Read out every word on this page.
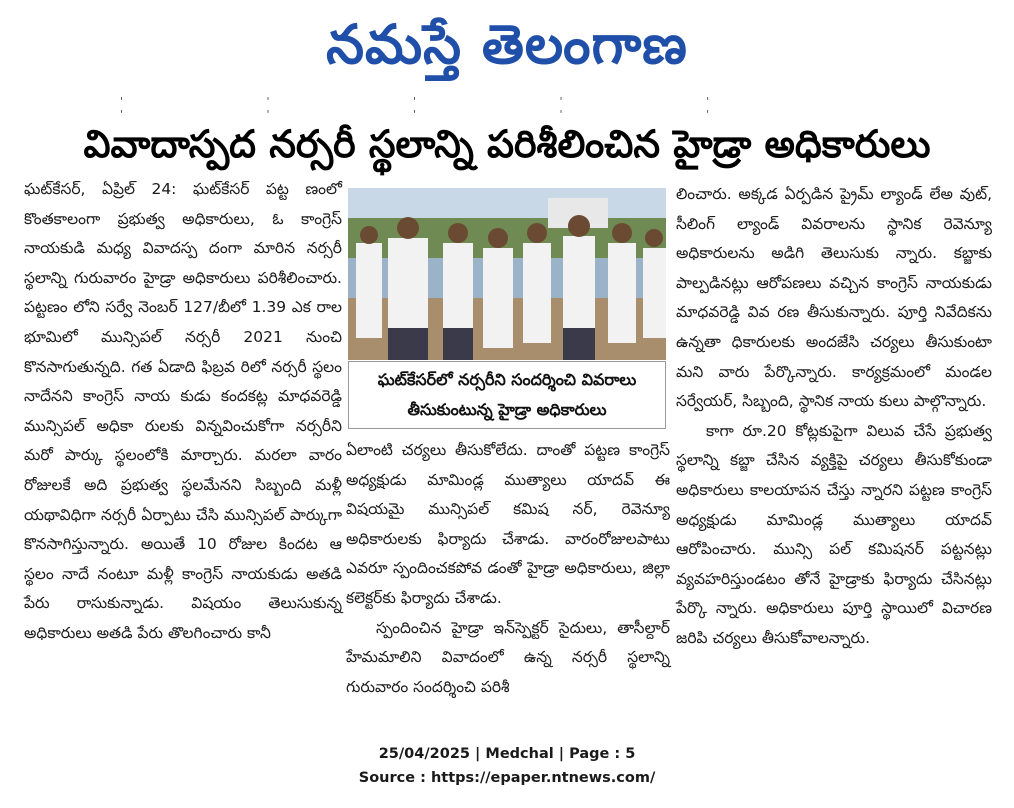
నమస్తే తెలంగాణ
' ' ' ' ' ' ' ' ' '
వివాదాస్పద నర్సరీ స్థలాన్ని పరిశీలించిన హైడ్రా అధికారులు

ఘట్‌కేసర్, ఏప్రిల్ 24: ఘట్‌కేసర్ పట్ట ణంలో కొంతకాలంగా ప్రభుత్వ అధికారులు, ఓ కాంగ్రెస్ నాయకుడి మధ్య వివాదస్ప దంగా మారిన నర్సరీ స్థలాన్ని గురువారం హైడ్రా అధికారులు పరిశీలించారు. పట్టణం లోని సర్వే నెంబర్ 127/బీలో 1.39 ఎక రాల భూమిలో మున్సిపల్ నర్సరీ 2021 నుంచి కొనసాగుతున్నది. గత ఏడాది ఫిబ్రవ రిలో నర్సరీ స్థలం నాదేనని కాంగ్రెస్ నాయ కుడు కందకట్ల మాధవరెడ్డి మున్సిపల్ అధికా రులకు విన్నవించుకోగా నర్సరీని మరో పార్కు స్థలంలోకి మార్చారు. మరలా వారం రోజులకే అది ప్రభుత్వ స్థలమేనని సిబ్బంది మళ్లీ యథావిధిగా నర్సరీ ఏర్పాటు చేసి మున్సిపల్ పార్కుగా కొనసాగిస్తున్నారు. అయితే 10 రోజుల కిందట ఆ స్థలం నాదే నంటూ మళ్లీ కాంగ్రెస్ నాయకుడు అతడి పేరు రాసుకున్నాడు. విషయం తెలుసుకున్న అధికారులు అతడి పేరు తొలగించారు కానీ

ఘట్‌కేసర్‌లో నర్సరీని సందర్శించి వివరాలు తీసుకుంటున్న హైడ్రా అధికారులు

ఏలాంటి చర్యలు తీసుకోలేదు. దాంతో పట్టణ కాంగ్రెస్ అధ్యక్షుడు మామిండ్ల ముత్యాలు యాదవ్ ఈ విషయమై మున్సిపల్ కమిష నర్, రెవెన్యూ అధికారులకు ఫిర్యాదు చేశాడు. వారంరోజులపాటు ఎవరూ స్పందించకపోవ డంతో హైడ్రా అధికారులు, జిల్లా కలెక్టర్‌కు ఫిర్యాదు చేశాడు.

స్పందించిన హైడ్రా ఇన్‌స్పెక్టర్ సైదులు, తాసీల్దార్ హేమమాలిని వివాదంలో ఉన్న నర్సరీ స్థలాన్ని గురువారం సందర్శించి పరిశీ

లించారు. అక్కడ ఏర్పడిన ప్రైమ్ ల్యాండ్ లేఅ వుట్, సీలింగ్ ల్యాండ్ వివరాలను స్థానిక రెవెన్యూ అధికారులను అడిగి తెలుసుకు న్నారు. కబ్జాకు పాల్పడినట్లు ఆరోపణలు వచ్చిన కాంగ్రెస్ నాయకుడు మాధవరెడ్డి వివ రణ తీసుకున్నారు. పూర్తి నివేదికను ఉన్నతా ధికారులకు అందజేసి చర్యలు తీసుకుంటా మని వారు పేర్కొన్నారు. కార్యక్రమంలో మండల సర్వేయర్, సిబ్బంది, స్థానిక నాయ కులు పాల్గొన్నారు.

కాగా రూ.20 కోట్లకుపైగా విలువ చేసే ప్రభుత్వ స్థలాన్ని కబ్జా చేసిన వ్యక్తిపై చర్యలు తీసుకోకుండా అధికారులు కాలయాపన చేస్తు న్నారని పట్టణ కాంగ్రెస్ అధ్యక్షుడు మామిండ్ల ముత్యాలు యాదవ్ ఆరోపించారు. మున్సి పల్ కమిషనర్ పట్టనట్లు వ్యవహరిస్తుండటం తోనే హైడ్రాకు ఫిర్యాదు చేసినట్లు పేర్కొ న్నారు. అధికారులు పూర్తి స్థాయిలో విచారణ జరిపి చర్యలు తీసుకోవాలన్నారు.

25/04/2025 | Medchal | Page : 5
Source : https://epaper.ntnews.com/
